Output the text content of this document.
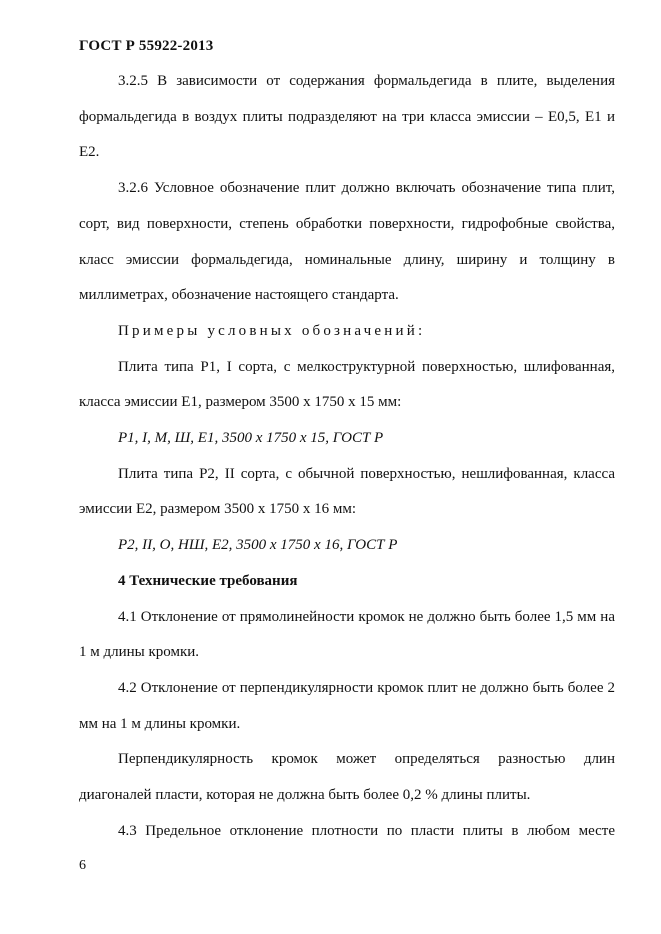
ГОСТ Р 55922-2013

3.2.5 В зависимости от содержания формальдегида в плите, выделения формальдегида в воздух плиты подразделяют на три класса эмиссии – Е0,5, Е1 и Е2.

3.2.6 Условное обозначение плит должно включать обозначение типа плит, сорт, вид поверхности, степень обработки поверхности, гидрофобные свойства, класс эмиссии формальдегида, номинальные длину, ширину и толщину в миллиметрах, обозначение настоящего стандарта.

Примеры условных обозначений:

Плита типа Р1, I сорта, с мелкоструктурной поверхностью, шлифованная, класса эмиссии Е1, размером 3500 х 1750 х 15 мм:

Р1, I, М, Ш, Е1, 3500 х 1750 х 15, ГОСТ Р

Плита типа Р2, II сорта, с обычной поверхностью, нешлифованная, класса эмиссии Е2, размером 3500 х 1750 х 16 мм:

Р2, II, О, НШ, Е2, 3500 х 1750 х 16, ГОСТ Р

4 Технические требования

4.1 Отклонение от прямолинейности кромок не должно быть более 1,5 мм на 1 м длины кромки.

4.2 Отклонение от перпендикулярности кромок плит не должно быть более 2 мм на 1 м длины кромки.

Перпендикулярность кромок может определяться разностью длин диагоналей пласти, которая не должна быть более 0,2 % длины плиты.

4.3 Предельное отклонение плотности по пласти плиты в любом месте

6
